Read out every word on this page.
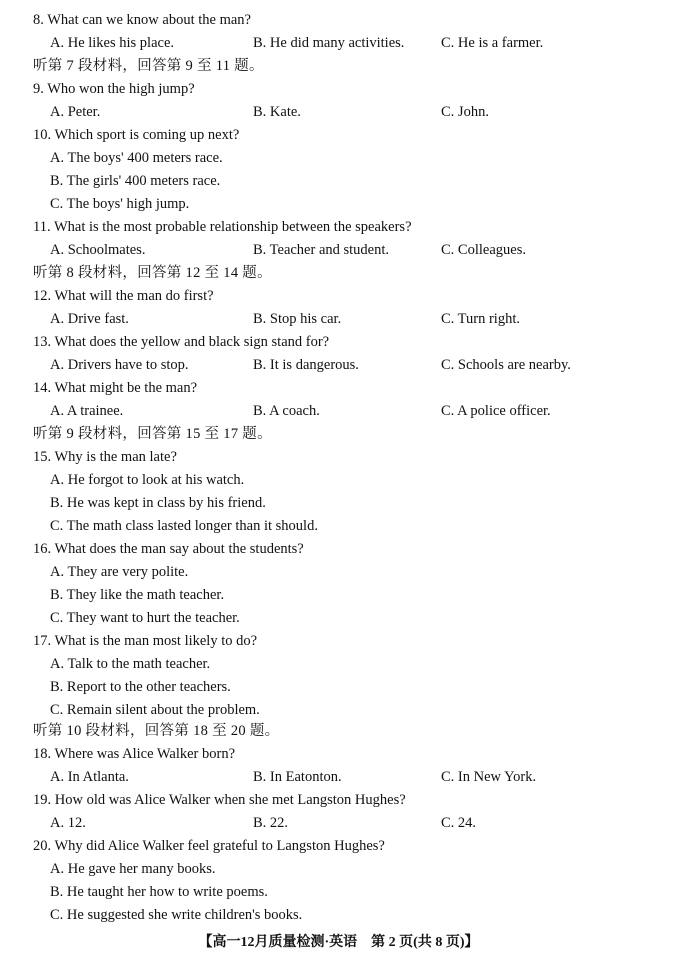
8. What can we know about the man?
A. He likes his place.	B. He did many activities.	C. He is a farmer.
听第 7 段材料，回答第 9 至 11 题。
9. Who won the high jump?
A. Peter.	B. Kate.	C. John.
10. Which sport is coming up next?
A. The boys' 400 meters race.
B. The girls' 400 meters race.
C. The boys' high jump.
11. What is the most probable relationship between the speakers?
A. Schoolmates.	B. Teacher and student.	C. Colleagues.
听第 8 段材料，回答第 12 至 14 题。
12. What will the man do first?
A. Drive fast.	B. Stop his car.	C. Turn right.
13. What does the yellow and black sign stand for?
A. Drivers have to stop.	B. It is dangerous.	C. Schools are nearby.
14. What might be the man?
A. A trainee.	B. A coach.	C. A police officer.
听第 9 段材料，回答第 15 至 17 题。
15. Why is the man late?
A. He forgot to look at his watch.
B. He was kept in class by his friend.
C. The math class lasted longer than it should.
16. What does the man say about the students?
A. They are very polite.
B. They like the math teacher.
C. They want to hurt the teacher.
17. What is the man most likely to do?
A. Talk to the math teacher.
B. Report to the other teachers.
C. Remain silent about the problem.
听第 10 段材料，回答第 18 至 20 题。
18. Where was Alice Walker born?
A. In Atlanta.	B. In Eatonton.	C. In New York.
19. How old was Alice Walker when she met Langston Hughes?
A. 12.	B. 22.	C. 24.
20. Why did Alice Walker feel grateful to Langston Hughes?
A. He gave her many books.
B. He taught her how to write poems.
C. He suggested she write children's books.
【高一12月质量检测·英语 第 2 页(共 8 页)】
